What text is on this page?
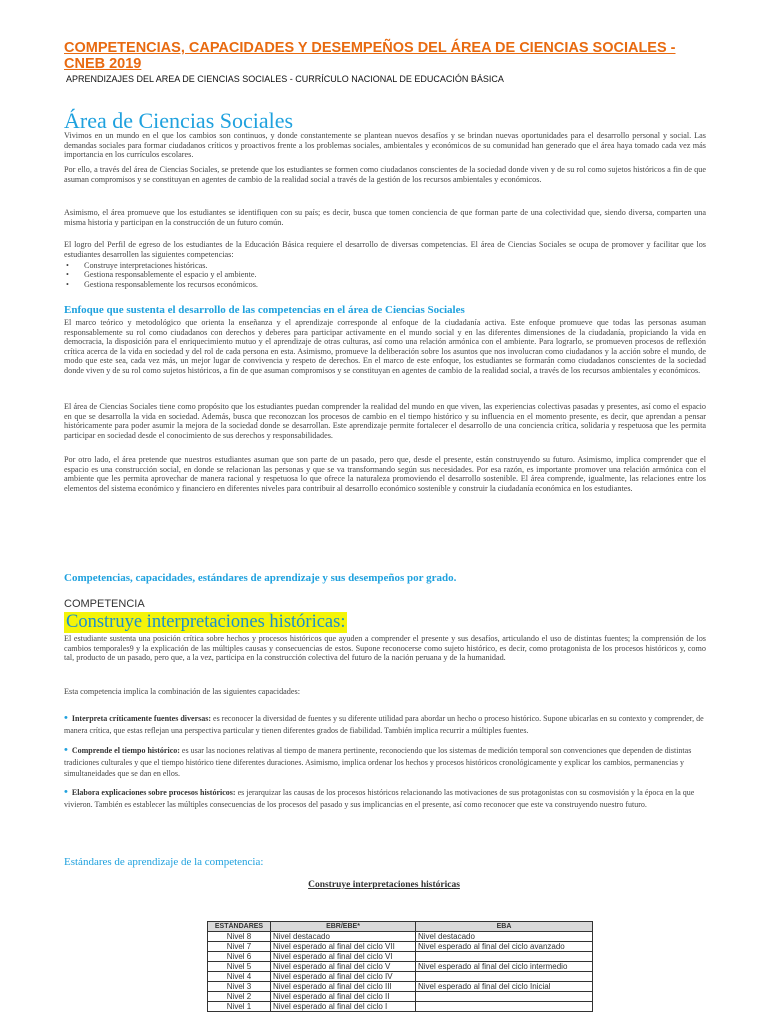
COMPETENCIAS, CAPACIDADES Y DESEMPEÑOS DEL ÁREA DE CIENCIAS SOCIALES - CNEB 2019
APRENDIZAJES DEL AREA DE CIENCIAS SOCIALES - CURRÍCULO NACIONAL DE EDUCACIÓN BÁSICA
Área de Ciencias Sociales
Vivimos en un mundo en el que los cambios son continuos, y donde constantemente se plantean nuevos desafíos y se brindan nuevas oportunidades para el desarrollo personal y social. Las demandas sociales para formar ciudadanos críticos y proactivos frente a los problemas sociales, ambientales y económicos de su comunidad han generado que el área haya tomado cada vez más importancia en los currículos escolares.
Por ello, a través del área de Ciencias Sociales, se pretende que los estudiantes se formen como ciudadanos conscientes de la sociedad donde viven y de su rol como sujetos históricos a fin de que asuman compromisos y se constituyan en agentes de cambio de la realidad social a través de la gestión de los recursos ambientales y económicos.
Asimismo, el área promueve que los estudiantes se identifiquen con su país; es decir, busca que tomen conciencia de que forman parte de una colectividad que, siendo diversa, comparten una misma historia y participan en la construcción de un futuro común.
El logro del Perfil de egreso de los estudiantes de la Educación Básica requiere el desarrollo de diversas competencias. El área de Ciencias Sociales se ocupa de promover y facilitar que los estudiantes desarrollen las siguientes competencias:
• Construye interpretaciones históricas.
• Gestiona responsablemente el espacio y el ambiente.
• Gestiona responsablemente los recursos económicos.
Enfoque que sustenta el desarrollo de las competencias en el área de Ciencias Sociales
El marco teórico y metodológico que orienta la enseñanza y el aprendizaje corresponde al enfoque de la ciudadanía activa. Este enfoque promueve que todas las personas asuman responsablemente su rol como ciudadanos con derechos y deberes para participar activamente en el mundo social y en las diferentes dimensiones de la ciudadanía, propiciando la vida en democracia, la disposición para el enriquecimiento mutuo y el aprendizaje de otras culturas, así como una relación armónica con el ambiente. Para lograrlo, se promueven procesos de reflexión crítica acerca de la vida en sociedad y del rol de cada persona en esta. Asimismo, promueve la deliberación sobre los asuntos que nos involucran como ciudadanos y la acción sobre el mundo, de modo que este sea, cada vez más, un mejor lugar de convivencia y respeto de derechos. En el marco de este enfoque, los estudiantes se formarán como ciudadanos conscientes de la sociedad donde viven y de su rol como sujetos históricos, a fin de que asuman compromisos y se constituyan en agentes de cambio de la realidad social, a través de los recursos ambientales y económicos.
El área de Ciencias Sociales tiene como propósito que los estudiantes puedan comprender la realidad del mundo en que viven, las experiencias colectivas pasadas y presentes, así como el espacio en que se desarrolla la vida en sociedad. Además, busca que reconozcan los procesos de cambio en el tiempo histórico y su influencia en el momento presente, es decir, que aprendan a pensar históricamente para poder asumir la mejora de la sociedad donde se desarrollan. Este aprendizaje permite fortalecer el desarrollo de una conciencia crítica, solidaria y respetuosa que les permita participar en sociedad desde el conocimiento de sus derechos y responsabilidades.
Por otro lado, el área pretende que nuestros estudiantes asuman que son parte de un pasado, pero que, desde el presente, están construyendo su futuro. Asimismo, implica comprender que el espacio es una construcción social, en donde se relacionan las personas y que se va transformando según sus necesidades. Por esa razón, es importante promover una relación armónica con el ambiente que les permita aprovechar de manera racional y respetuosa lo que ofrece la naturaleza promoviendo el desarrollo sostenible. El área comprende, igualmente, las relaciones entre los elementos del sistema económico y financiero en diferentes niveles para contribuir al desarrollo económico sostenible y construir la ciudadanía económica en los estudiantes.
Competencias, capacidades, estándares de aprendizaje y sus desempeños por grado.
COMPETENCIA
Construye interpretaciones históricas:
El estudiante sustenta una posición crítica sobre hechos y procesos históricos que ayuden a comprender el presente y sus desafíos, articulando el uso de distintas fuentes; la comprensión de los cambios temporales9 y la explicación de las múltiples causas y consecuencias de estos. Supone reconocerse como sujeto histórico, es decir, como protagonista de los procesos históricos y, como tal, producto de un pasado, pero que, a la vez, participa en la construcción colectiva del futuro de la nación peruana y de la humanidad.
Esta competencia implica la combinación de las siguientes capacidades:
• Interpreta críticamente fuentes diversas: es reconocer la diversidad de fuentes y su diferente utilidad para abordar un hecho o proceso histórico. Supone ubicarlas en su contexto y comprender, de manera crítica, que estas reflejan una perspectiva particular y tienen diferentes grados de fiabilidad. También implica recurrir a múltiples fuentes.
• Comprende el tiempo histórico: es usar las nociones relativas al tiempo de manera pertinente, reconociendo que los sistemas de medición temporal son convenciones que dependen de distintas tradiciones culturales y que el tiempo histórico tiene diferentes duraciones. Asimismo, implica ordenar los hechos y procesos históricos cronológicamente y explicar los cambios, permanencias y simultaneidades que se dan en ellos.
• Elabora explicaciones sobre procesos históricos: es jerarquizar las causas de los procesos históricos relacionando las motivaciones de sus protagonistas con su cosmovisión y la época en la que vivieron. También es establecer las múltiples consecuencias de los procesos del pasado y sus implicancias en el presente, así como reconocer que este va construyendo nuestro futuro.
Estándares de aprendizaje de la competencia:
Construye interpretaciones históricas
ESTÁNDARES	EBR/EBE*	EBA
Nivel 8	Nivel destacado	Nivel destacado
Nivel 7	Nivel esperado al final del ciclo VII	Nivel esperado al final del ciclo avanzado
Nivel 6	Nivel esperado al final del ciclo VI	
Nivel 5	Nivel esperado al final del ciclo V	Nivel esperado al final del ciclo intermedio
Nivel 4	Nivel esperado al final del ciclo IV	
Nivel 3	Nivel esperado al final del ciclo III	Nivel esperado al final del ciclo Inicial
Nivel 2	Nivel esperado al final del ciclo II	
Nivel 1	Nivel esperado al final del ciclo I	
